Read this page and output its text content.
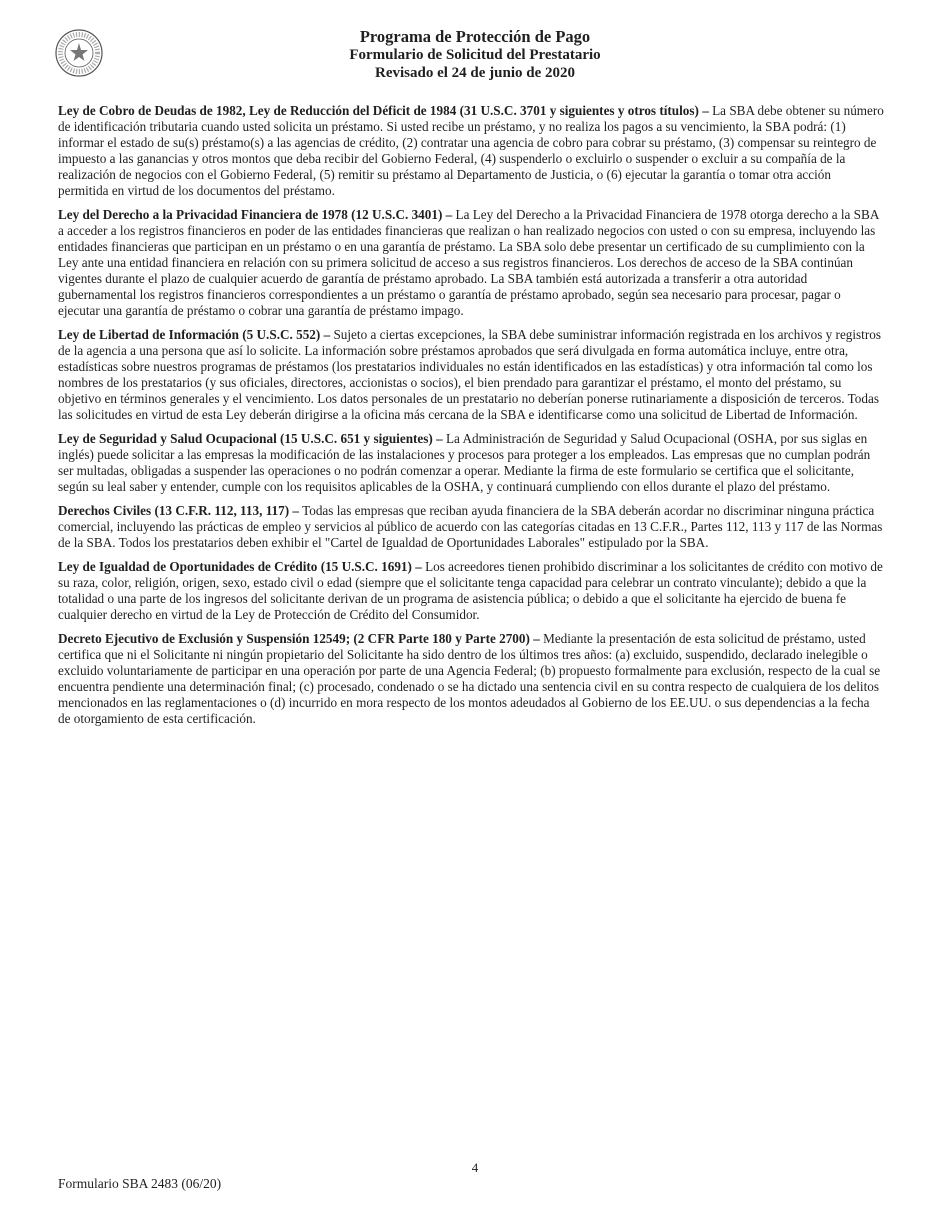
Programa de Protección de Pago
Formulario de Solicitud del Prestatario
Revisado el 24 de junio de 2020

Ley de Cobro de Deudas de 1982, Ley de Reducción del Déficit de 1984 (31 U.S.C. 3701 y siguientes y otros títulos) – La SBA debe obtener su número de identificación tributaria cuando usted solicita un préstamo. Si usted recibe un préstamo, y no realiza los pagos a su vencimiento, la SBA podrá: (1) informar el estado de su(s) préstamo(s) a las agencias de crédito, (2) contratar una agencia de cobro para cobrar su préstamo, (3) compensar su reintegro de impuesto a las ganancias y otros montos que deba recibir del Gobierno Federal, (4) suspenderlo o excluirlo o suspender o excluir a su compañía de la realización de negocios con el Gobierno Federal, (5) remitir su préstamo al Departamento de Justicia, o (6) ejecutar la garantía o tomar otra acción permitida en virtud de los documentos del préstamo.

Ley del Derecho a la Privacidad Financiera de 1978 (12 U.S.C. 3401) – La Ley del Derecho a la Privacidad Financiera de 1978 otorga derecho a la SBA a acceder a los registros financieros en poder de las entidades financieras que realizan o han realizado negocios con usted o con su empresa, incluyendo las entidades financieras que participan en un préstamo o en una garantía de préstamo. La SBA solo debe presentar un certificado de su cumplimiento con la Ley ante una entidad financiera en relación con su primera solicitud de acceso a sus registros financieros. Los derechos de acceso de la SBA continúan vigentes durante el plazo de cualquier acuerdo de garantía de préstamo aprobado. La SBA también está autorizada a transferir a otra autoridad gubernamental los registros financieros correspondientes a un préstamo o garantía de préstamo aprobado, según sea necesario para procesar, pagar o ejecutar una garantía de préstamo o cobrar una garantía de préstamo impago.

Ley de Libertad de Información (5 U.S.C. 552) – Sujeto a ciertas excepciones, la SBA debe suministrar información registrada en los archivos y registros de la agencia a una persona que así lo solicite. La información sobre préstamos aprobados que será divulgada en forma automática incluye, entre otra, estadísticas sobre nuestros programas de préstamos (los prestatarios individuales no están identificados en las estadísticas) y otra información tal como los nombres de los prestatarios (y sus oficiales, directores, accionistas o socios), el bien prendado para garantizar el préstamo, el monto del préstamo, su objetivo en términos generales y el vencimiento. Los datos personales de un prestatario no deberían ponerse rutinariamente a disposición de terceros. Todas las solicitudes en virtud de esta Ley deberán dirigirse a la oficina más cercana de la SBA e identificarse como una solicitud de Libertad de Información.

Ley de Seguridad y Salud Ocupacional (15 U.S.C. 651 y siguientes) – La Administración de Seguridad y Salud Ocupacional (OSHA, por sus siglas en inglés) puede solicitar a las empresas la modificación de las instalaciones y procesos para proteger a los empleados. Las empresas que no cumplan podrán ser multadas, obligadas a suspender las operaciones o no podrán comenzar a operar. Mediante la firma de este formulario se certifica que el solicitante, según su leal saber y entender, cumple con los requisitos aplicables de la OSHA, y continuará cumpliendo con ellos durante el plazo del préstamo.

Derechos Civiles (13 C.F.R. 112, 113, 117) – Todas las empresas que reciban ayuda financiera de la SBA deberán acordar no discriminar ninguna práctica comercial, incluyendo las prácticas de empleo y servicios al público de acuerdo con las categorías citadas en 13 C.F.R., Partes 112, 113 y 117 de las Normas de la SBA. Todos los prestatarios deben exhibir el "Cartel de Igualdad de Oportunidades Laborales" estipulado por la SBA.

Ley de Igualdad de Oportunidades de Crédito (15 U.S.C. 1691) – Los acreedores tienen prohibido discriminar a los solicitantes de crédito con motivo de su raza, color, religión, origen, sexo, estado civil o edad (siempre que el solicitante tenga capacidad para celebrar un contrato vinculante); debido a que la totalidad o una parte de los ingresos del solicitante derivan de un programa de asistencia pública; o debido a que el solicitante ha ejercido de buena fe cualquier derecho en virtud de la Ley de Protección de Crédito del Consumidor.

Decreto Ejecutivo de Exclusión y Suspensión 12549; (2 CFR Parte 180 y Parte 2700) – Mediante la presentación de esta solicitud de préstamo, usted certifica que ni el Solicitante ni ningún propietario del Solicitante ha sido dentro de los últimos tres años: (a) excluido, suspendido, declarado inelegible o excluido voluntariamente de participar en una operación por parte de una Agencia Federal; (b) propuesto formalmente para exclusión, respecto de la cual se encuentra pendiente una determinación final; (c) procesado, condenado o se ha dictado una sentencia civil en su contra respecto de cualquiera de los delitos mencionados en las reglamentaciones o (d) incurrido en mora respecto de los montos adeudados al Gobierno de los EE.UU. o sus dependencias a la fecha de otorgamiento de esta certificación.

4
Formulario SBA 2483 (06/20)
